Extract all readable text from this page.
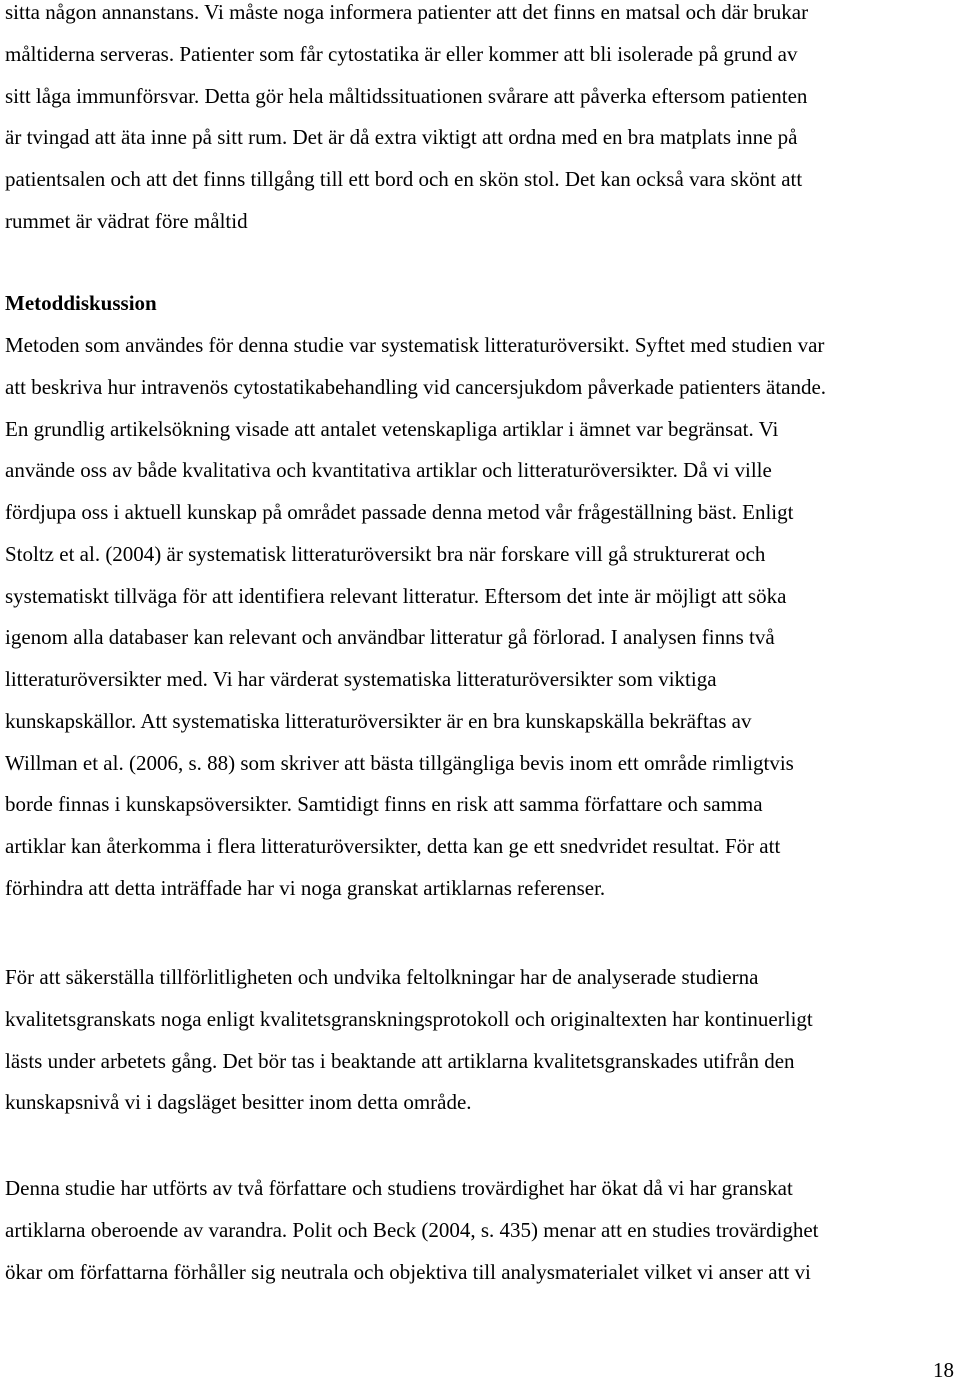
sitta någon annanstans. Vi måste noga informera patienter att det finns en matsal och där brukar
måltiderna serveras. Patienter som får cytostatika är eller kommer att bli isolerade på grund av
sitt låga immunförsvar. Detta gör hela måltidssituationen svårare att påverka eftersom patienten
är tvingad att äta inne på sitt rum. Det är då extra viktigt att ordna med en bra matplats inne på
patientsalen och att det finns tillgång till ett bord och en skön stol. Det kan också vara skönt att
rummet är vädrat före måltid
Metoddiskussion
Metoden som användes för denna studie var systematisk litteraturöversikt. Syftet med studien var
att beskriva hur intravenös cytostatikabehandling vid cancersjukdom påverkade patienters ätande.
En grundlig artikelsökning visade att antalet vetenskapliga artiklar i ämnet var begränsat. Vi
använde oss av både kvalitativa och kvantitativa artiklar och litteraturöversikter. Då vi ville
fördjupa oss i aktuell kunskap på området passade denna metod vår frågeställning bäst. Enligt
Stoltz et al. (2004) är systematisk litteraturöversikt bra när forskare vill gå strukturerat och
systematiskt tillväga för att identifiera relevant litteratur. Eftersom det inte är möjligt att söka
igenom alla databaser kan relevant och användbar litteratur gå förlorad. I analysen finns två
litteraturöversikter med. Vi har värderat systematiska litteraturöversikter som viktiga
kunskapskällor. Att systematiska litteraturöversikter är en bra kunskapskälla bekräftas av
Willman et al. (2006, s. 88) som skriver att bästa tillgängliga bevis inom ett område rimligtvis
borde finnas i kunskapsöversikter. Samtidigt finns en risk att samma författare och samma
artiklar kan återkomma i flera litteraturöversikter, detta kan ge ett snedvridet resultat. För att
förhindra att detta inträffade har vi noga granskat artiklarnas referenser.
För att säkerställa tillförlitligheten och undvika feltolkningar har de analyserade studierna
kvalitetsgranskats noga enligt kvalitetsgranskningsprotokoll och originaltexten har kontinuerligt
lästs under arbetets gång. Det bör tas i beaktande att artiklarna kvalitetsgranskades utifrån den
kunskapsnivå vi i dagsläget besitter inom detta område.
Denna studie har utförts av två författare och studiens trovärdighet har ökat då vi har granskat
artiklarna oberoende av varandra. Polit och Beck (2004, s. 435) menar att en studies trovärdighet
ökar om författarna förhåller sig neutrala och objektiva till analysmaterialet vilket vi anser att vi
18
